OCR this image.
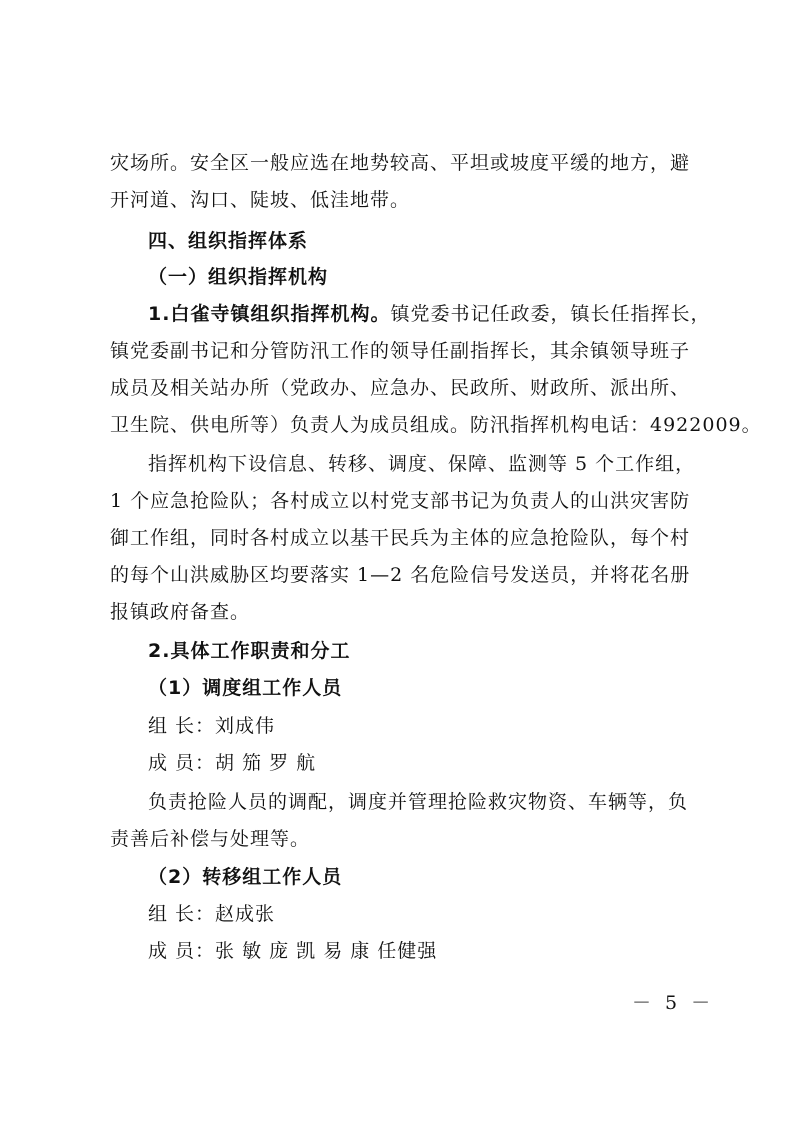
灾场所。安全区一般应选在地势较高、平坦或坡度平缓的地方，避
开河道、沟口、陡坡、低洼地带。
四、组织指挥体系
（一）组织指挥机构
1.白雀寺镇组织指挥机构。镇党委书记任政委，镇长任指挥长，
镇党委副书记和分管防汛工作的领导任副指挥长，其余镇领导班子
成员及相关站办所（党政办、应急办、民政所、财政所、派出所、
卫生院、供电所等）负责人为成员组成。防汛指挥机构电话：4922009。
指挥机构下设信息、转移、调度、保障、监测等 5 个工作组，
1 个应急抢险队；各村成立以村党支部书记为负责人的山洪灾害防
御工作组，同时各村成立以基干民兵为主体的应急抢险队，每个村
的每个山洪威胁区均要落实 1—2 名危险信号发送员，并将花名册
报镇政府备查。
2.具体工作职责和分工
（1）调度组工作人员
组 长：刘成伟
成 员：胡 笳 罗 航
负责抢险人员的调配，调度并管理抢险救灾物资、车辆等，负
责善后补偿与处理等。
（2）转移组工作人员
组 长：赵成张
成 员：张 敏 庞 凯 易 康 任健强
－ 5 －
